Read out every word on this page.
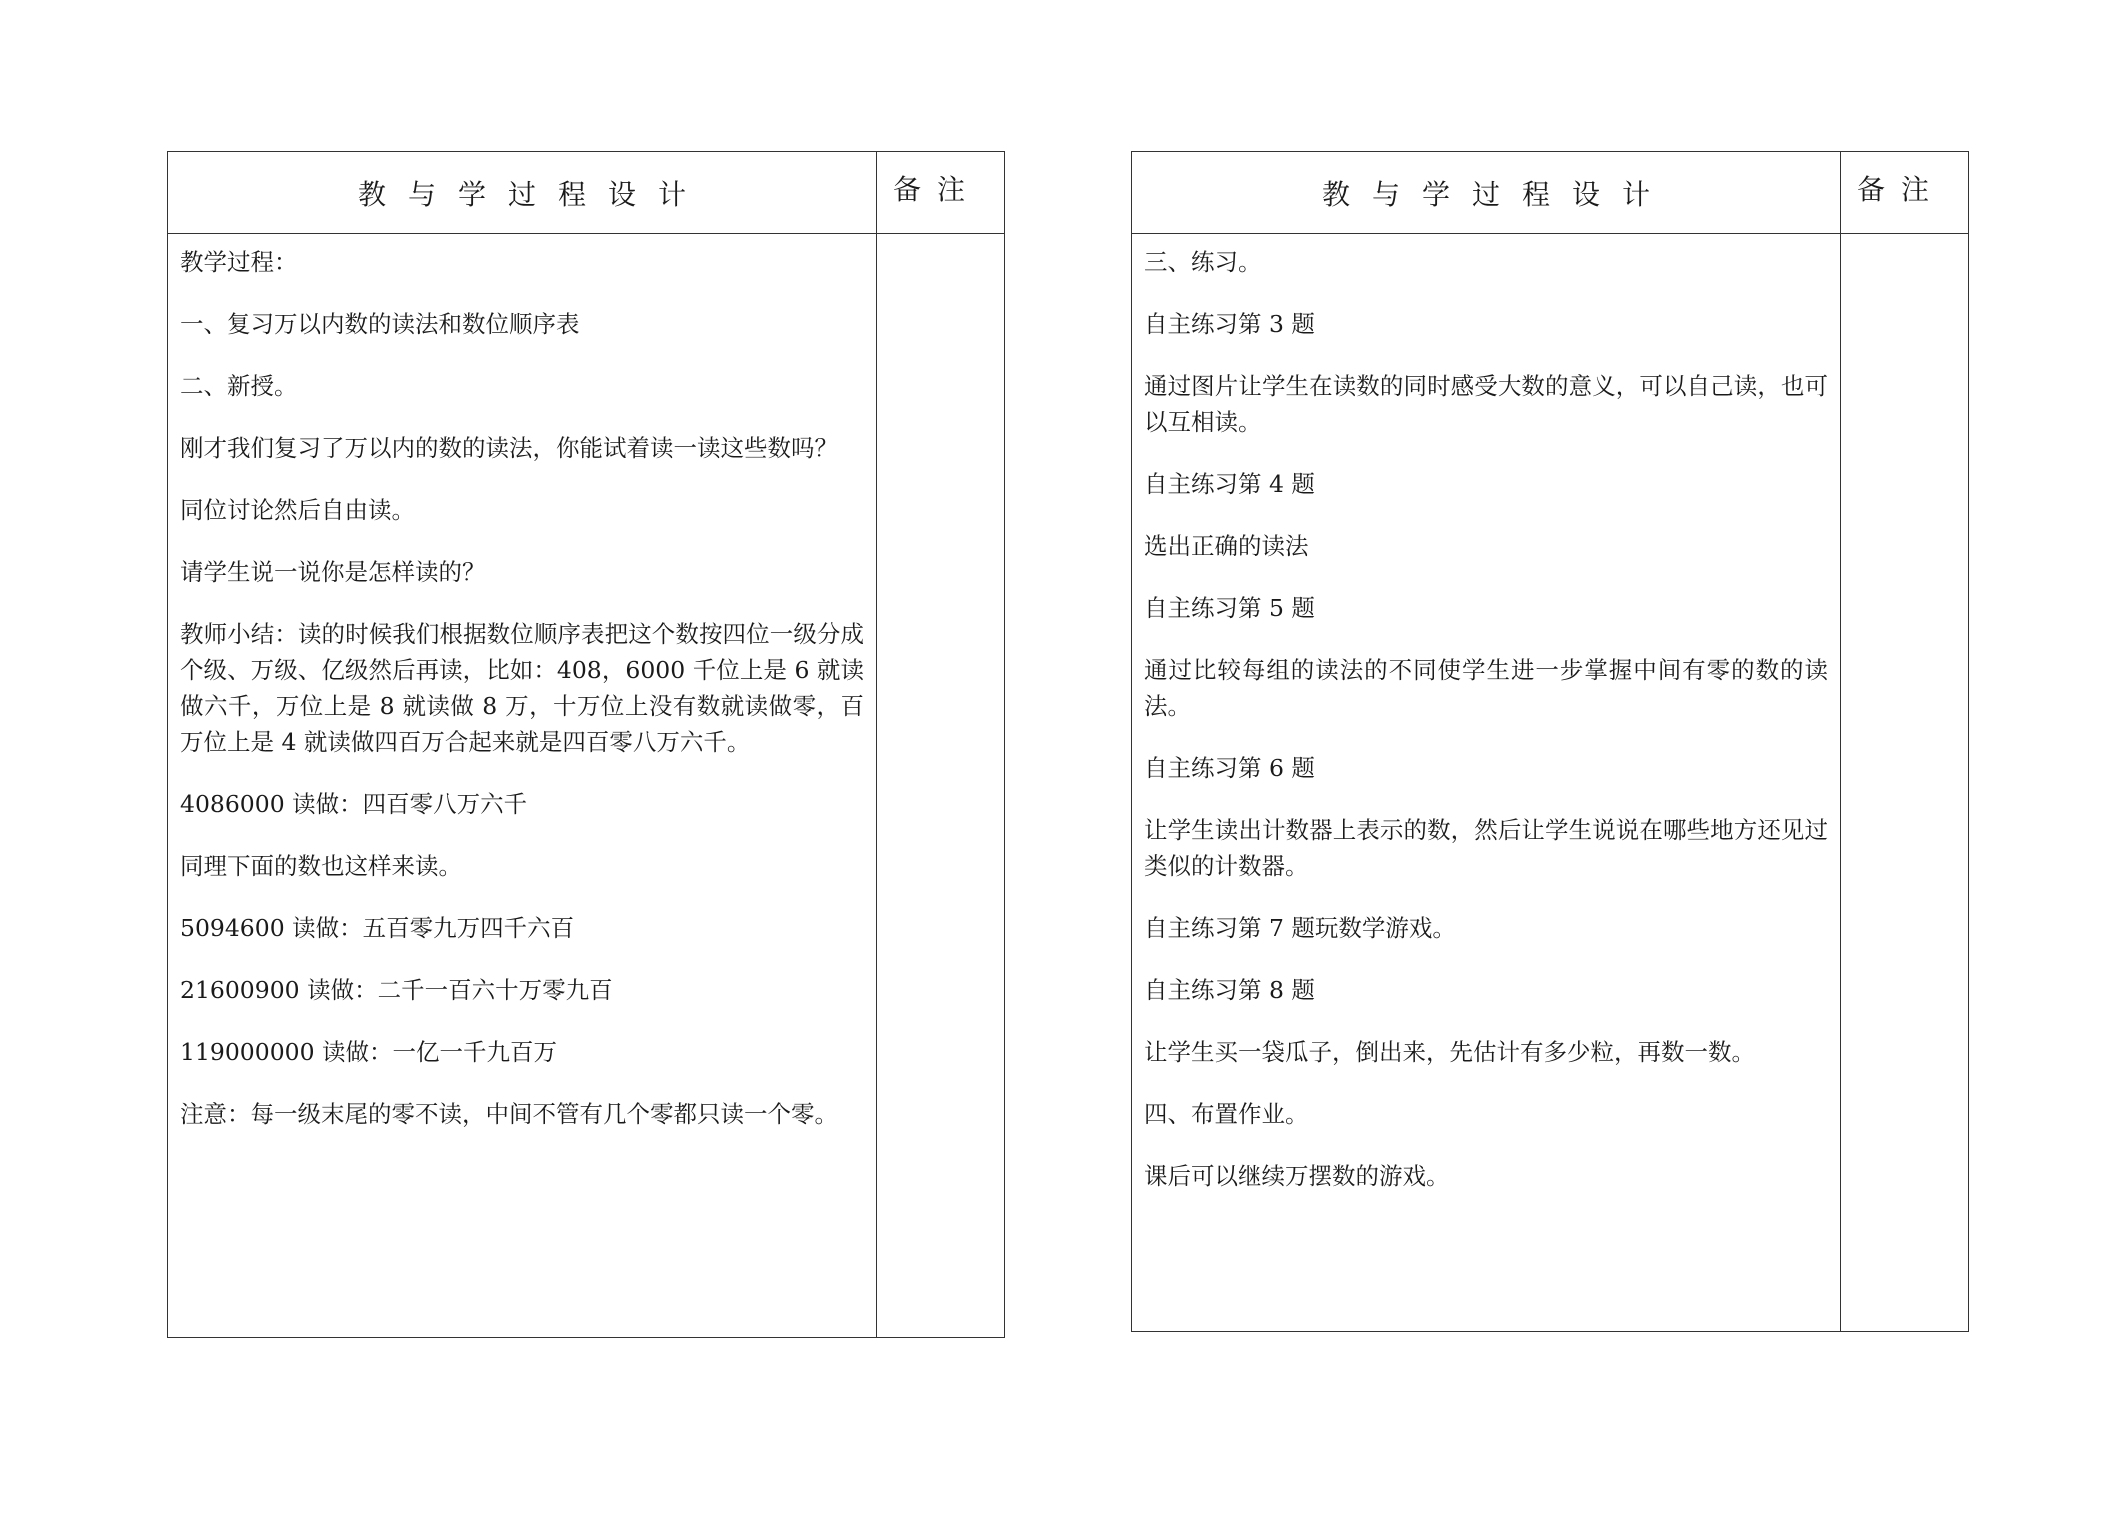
教与学过程设计	备注

教学过程：

一、复习万以内数的读法和数位顺序表

二、新授。

刚才我们复习了万以内的数的读法，你能试着读一读这些数吗？

同位讨论然后自由读。

请学生说一说你是怎样读的？

教师小结：读的时候我们根据数位顺序表把这个数按四位一级分成个级、万级、亿级然后再读，比如：408，6000 千位上是 6 就读做六千，万位上是 8 就读做 8 万，十万位上没有数就读做零，百万位上是 4 就读做四百万合起来就是四百零八万六千。

4086000 读做：四百零八万六千

同理下面的数也这样来读。

5094600 读做：五百零九万四千六百

21600900 读做：二千一百六十万零九百

119000000 读做：一亿一千九百万

注意：每一级末尾的零不读，中间不管有几个零都只读一个零。

教与学过程设计	备注

三、练习。

自主练习第 3 题

通过图片让学生在读数的同时感受大数的意义，可以自己读，也可以互相读。

自主练习第 4 题

选出正确的读法

自主练习第 5 题

通过比较每组的读法的不同使学生进一步掌握中间有零的数的读法。

自主练习第 6 题

让学生读出计数器上表示的数，然后让学生说说在哪些地方还见过类似的计数器。

自主练习第 7 题玩数学游戏。

自主练习第 8 题

让学生买一袋瓜子，倒出来，先估计有多少粒，再数一数。

四、布置作业。

课后可以继续万摆数的游戏。
